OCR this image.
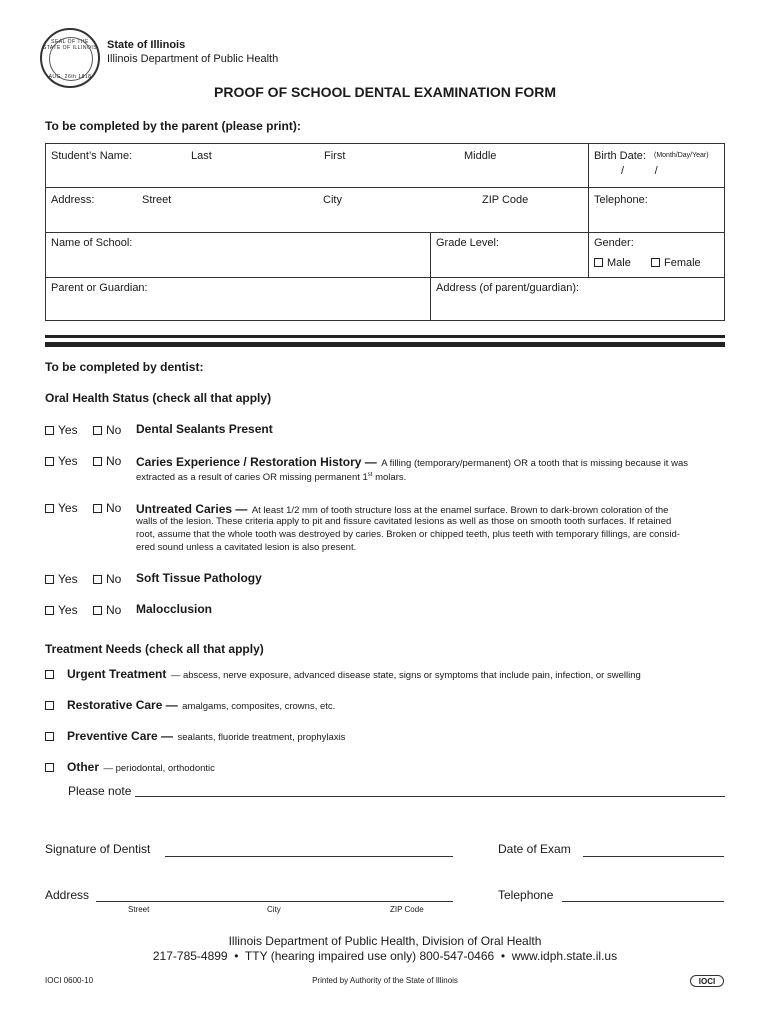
SEAL OF THE STATE OF ILLINOIS
AUG. 26th 1818
State of Illinois
Illinois Department of Public Health
PROOF OF SCHOOL DENTAL EXAMINATION FORM
To be completed by the parent (please print):
Student’s Name:	Last	First	Middle	Birth Date: (Month/Day/Year)
/          /
Address:	Street	City	ZIP Code	Telephone:
Name of School:	Grade Level:	Gender:
Male	Female
Parent or Guardian:	Address (of parent/guardian):
To be completed by dentist:
Oral Health Status (check all that apply)
Yes	No Dental Sealants Present
Yes	No Caries Experience / Restoration History — A filling (temporary/permanent) OR a tooth that is missing because it was
extracted as a result of caries OR missing permanent 1st molars.
Yes	No Untreated Caries — At least 1/2 mm of tooth structure loss at the enamel surface. Brown to dark-brown coloration of the
walls of the lesion. These criteria apply to pit and fissure cavitated lesions as well as those on smooth tooth surfaces. If retained
root, assume that the whole tooth was destroyed by caries. Broken or chipped teeth, plus teeth with temporary fillings, are consid-
ered sound unless a cavitated lesion is also present.
Yes	No Soft Tissue Pathology
Yes	No Malocclusion
Treatment Needs (check all that apply)
Urgent Treatment — abscess, nerve exposure, advanced disease state, signs or symptoms that include pain, infection, or swelling
Restorative Care — amalgams, composites, crowns, etc.
Preventive Care — sealants, fluoride treatment, prophylaxis
Other — periodontal, orthodontic
Please note
Signature of Dentist	Date of Exam
Address
Street	City	ZIP Code
Telephone
Illinois Department of Public Health, Division of Oral Health
217-785-4899  •  TTY (hearing impaired use only) 800-547-0466  •  www.idph.state.il.us
IOCI 0600-10	Printed by Authority of the State of Illinois	IOCI
